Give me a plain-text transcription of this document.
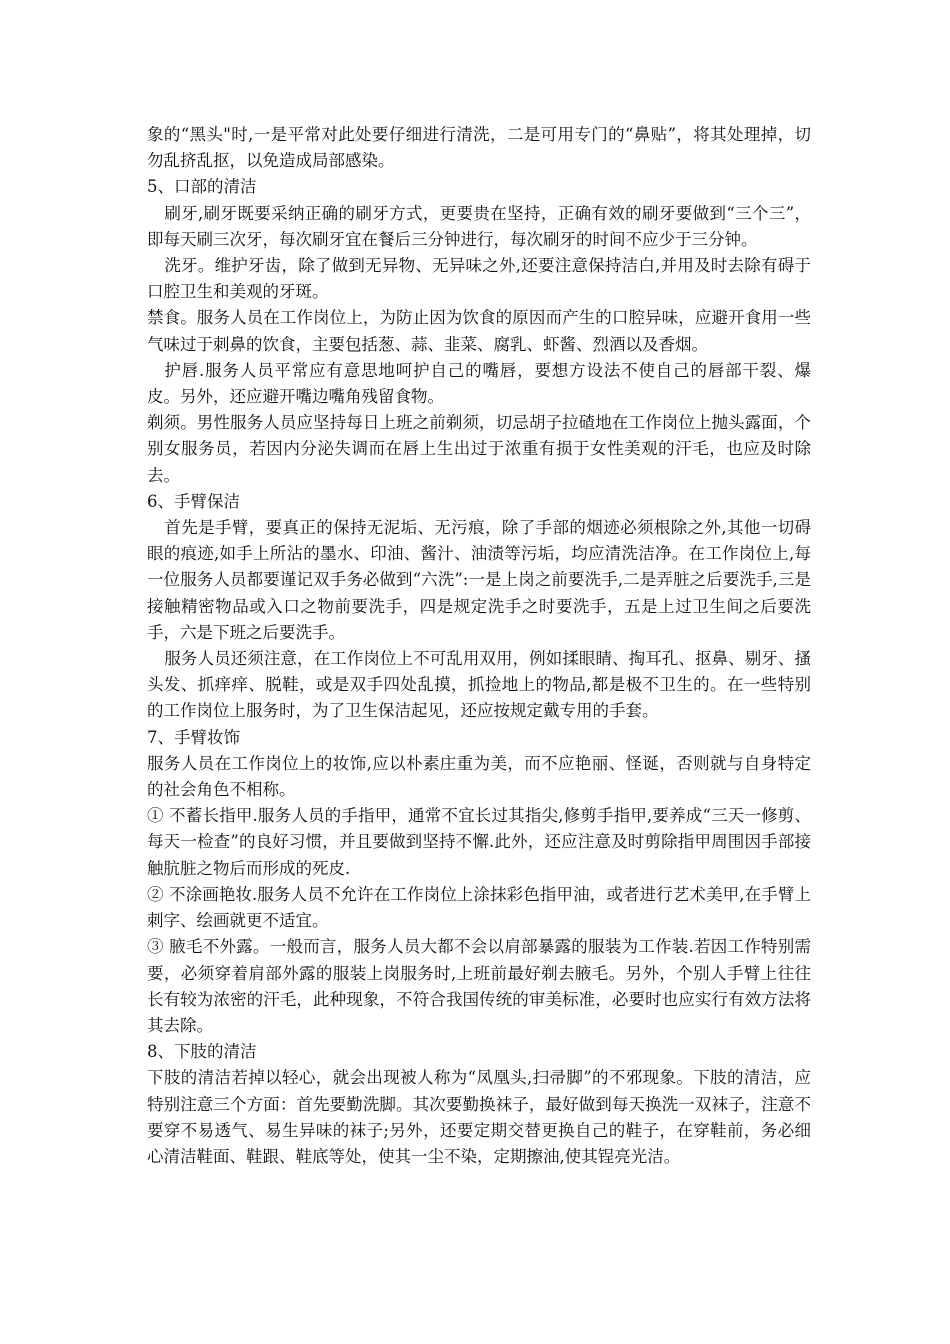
象的“黑头"时,一是平常对此处要仔细进行清洗，二是可用专门的“鼻贴”，将其处理掉，切勿乱挤乱抠，以免造成局部感染。

5、口部的清洁

刷牙,刷牙既要采纳正确的刷牙方式，更要贵在坚持，正确有效的刷牙要做到“三个三”，即每天刷三次牙，每次刷牙宜在餐后三分钟进行，每次刷牙的时间不应少于三分钟。

洗牙。维护牙齿，除了做到无异物、无异味之外,还要注意保持洁白,并用及时去除有碍于口腔卫生和美观的牙斑。

禁食。服务人员在工作岗位上，为防止因为饮食的原因而产生的口腔异味，应避开食用一些气味过于刺鼻的饮食，主要包括葱、蒜、韭菜、腐乳、虾酱、烈酒以及香烟。

护唇.服务人员平常应有意思地呵护自己的嘴唇，要想方设法不使自己的唇部干裂、爆皮。另外，还应避开嘴边嘴角残留食物。

剃须。男性服务人员应坚持每日上班之前剃须，切忌胡子拉碴地在工作岗位上抛头露面，个别女服务员，若因内分泌失调而在唇上生出过于浓重有损于女性美观的汗毛，也应及时除去。

6、手臂保洁

首先是手臂，要真正的保持无泥垢、无污痕，除了手部的烟迹必须根除之外,其他一切碍眼的痕迹,如手上所沾的墨水、印油、酱汁、油渍等污垢，均应清洗洁净。在工作岗位上,每一位服务人员都要谨记双手务必做到“六洗”:一是上岗之前要洗手,二是弄脏之后要洗手,三是接触精密物品或入口之物前要洗手，四是规定洗手之时要洗手，五是上过卫生间之后要洗手，六是下班之后要洗手。

服务人员还须注意，在工作岗位上不可乱用双用，例如揉眼睛、掏耳孔、抠鼻、剔牙、搔头发、抓痒痒、脱鞋，或是双手四处乱摸，抓捡地上的物品,都是极不卫生的。在一些特别的工作岗位上服务时，为了卫生保洁起见，还应按规定戴专用的手套。

7、手臂妆饰

服务人员在工作岗位上的妆饰,应以朴素庄重为美，而不应艳丽、怪诞，否则就与自身特定的社会角色不相称。

① 不蓄长指甲.服务人员的手指甲，通常不宜长过其指尖,修剪手指甲,要养成“三天一修剪、每天一检查”的良好习惯，并且要做到坚持不懈.此外，还应注意及时剪除指甲周围因手部接触肮脏之物后而形成的死皮.

② 不涂画艳妆.服务人员不允许在工作岗位上涂抹彩色指甲油，或者进行艺术美甲,在手臂上刺字、绘画就更不适宜。

③ 腋毛不外露。一般而言，服务人员大都不会以肩部暴露的服装为工作装.若因工作特别需要，必须穿着肩部外露的服装上岗服务时,上班前最好剃去腋毛。另外，个别人手臂上往往长有较为浓密的汗毛，此种现象，不符合我国传统的审美标准，必要时也应实行有效方法将其去除。

8、下肢的清洁

下肢的清洁若掉以轻心，就会出现被人称为“凤凰头,扫帚脚”的不邪现象。下肢的清洁，应特别注意三个方面：首先要勤洗脚。其次要勤换袜子，最好做到每天换洗一双袜子，注意不要穿不易透气、易生异味的袜子;另外，还要定期交替更换自己的鞋子，在穿鞋前，务必细心清洁鞋面、鞋跟、鞋底等处，使其一尘不染，定期擦油,使其锃亮光洁。
